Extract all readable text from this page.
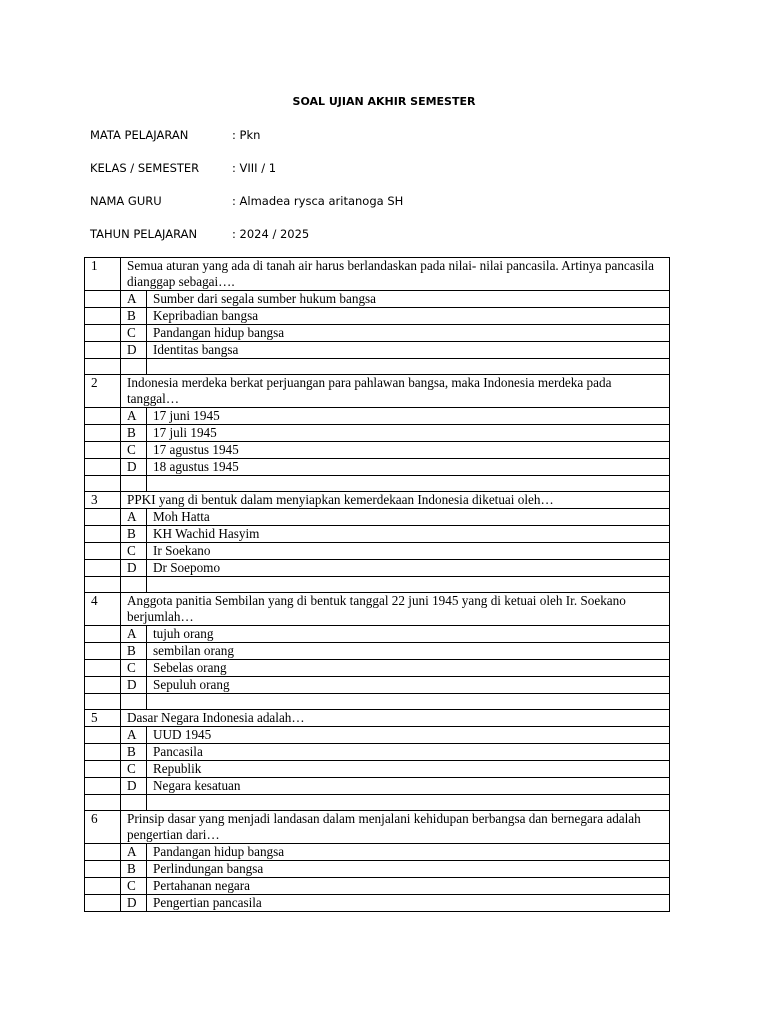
SOAL UJIAN AKHIR SEMESTER
MATA PELAJARAN	: Pkn
KELAS / SEMESTER	: VIII / 1
NAMA GURU	: Almadea rysca aritanoga SH
TAHUN PELAJARAN	: 2024 / 2025
1	Semua aturan yang ada di tanah air harus berlandaskan pada nilai- nilai pancasila. Artinya pancasila dianggap sebagai….	
	A	Sumber dari segala sumber hukum bangsa
	B	Kepribadian bangsa
	C	Pandangan hidup bangsa
	D	Identitas bangsa

2	Indonesia merdeka berkat perjuangan para pahlawan bangsa, maka Indonesia merdeka pada tanggal…	
	A	17 juni 1945
	B	17 juli 1945
	C	17 agustus 1945
	D	18 agustus 1945

3	PPKI yang di bentuk dalam menyiapkan kemerdekaan Indonesia diketuai oleh…	
	A	Moh Hatta
	B	KH Wachid Hasyim
	C	Ir Soekano
	D	Dr Soepomo

4	Anggota panitia Sembilan yang di bentuk tanggal 22 juni 1945 yang di ketuai oleh Ir. Soekano berjumlah…	
	A	tujuh orang
	B	sembilan orang
	C	Sebelas orang
	D	Sepuluh orang

5	Dasar Negara Indonesia adalah…	
	A	UUD 1945
	B	Pancasila
	C	Republik
	D	Negara kesatuan

6	Prinsip dasar yang menjadi landasan dalam menjalani kehidupan berbangsa dan bernegara adalah pengertian dari…	
	A	Pandangan hidup bangsa
	B	Perlindungan bangsa
	C	Pertahanan negara
	D	Pengertian pancasila
